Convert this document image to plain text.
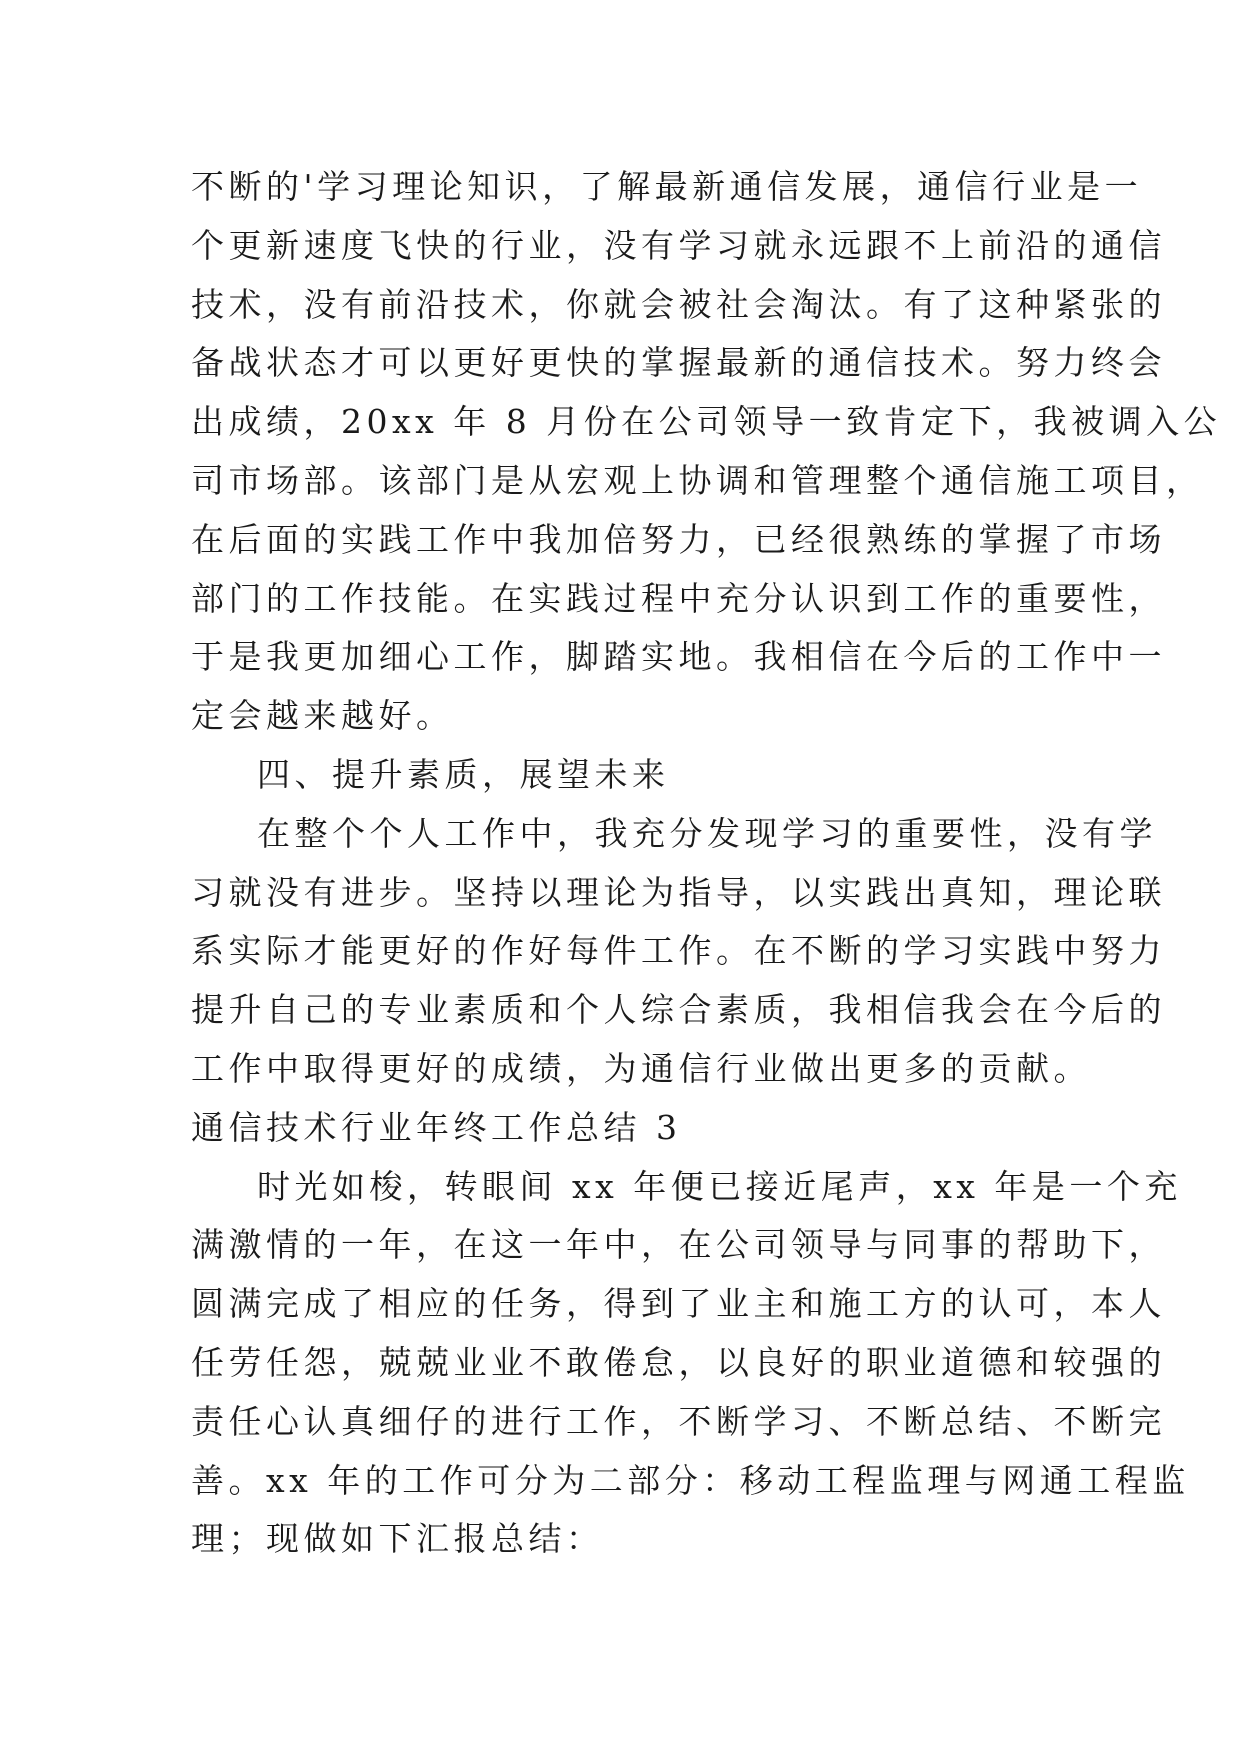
不断的'学习理论知识，了解最新通信发展，通信行业是一
个更新速度飞快的行业，没有学习就永远跟不上前沿的通信
技术，没有前沿技术，你就会被社会淘汰。有了这种紧张的
备战状态才可以更好更快的掌握最新的通信技术。努力终会
出成绩，20xx 年 8 月份在公司领导一致肯定下，我被调入公
司市场部。该部门是从宏观上协调和管理整个通信施工项目，
在后面的实践工作中我加倍努力，已经很熟练的掌握了市场
部门的工作技能。在实践过程中充分认识到工作的重要性，
于是我更加细心工作，脚踏实地。我相信在今后的工作中一
定会越来越好。
四、提升素质，展望未来
在整个个人工作中，我充分发现学习的重要性，没有学
习就没有进步。坚持以理论为指导，以实践出真知，理论联
系实际才能更好的作好每件工作。在不断的学习实践中努力
提升自己的专业素质和个人综合素质，我相信我会在今后的
工作中取得更好的成绩，为通信行业做出更多的贡献。
通信技术行业年终工作总结 3
时光如梭，转眼间 xx 年便已接近尾声，xx 年是一个充
满激情的一年，在这一年中，在公司领导与同事的帮助下，
圆满完成了相应的任务，得到了业主和施工方的认可，本人
任劳任怨，兢兢业业不敢倦怠，以良好的职业道德和较强的
责任心认真细仔的进行工作，不断学习、不断总结、不断完
善。xx 年的工作可分为二部分：移动工程监理与网通工程监
理；现做如下汇报总结：
